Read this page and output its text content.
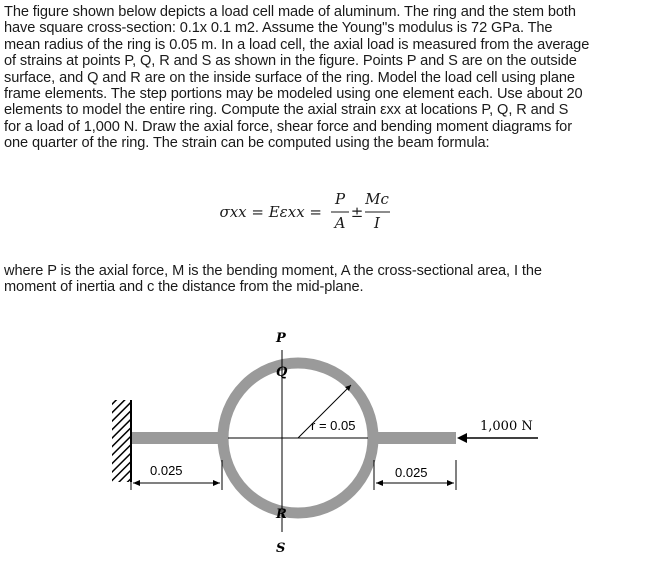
The figure shown below depicts a load cell made of aluminum. The ring and the stem both
have square cross-section: 0.1x 0.1 m2. Assume the Young"s modulus is 72 GPa. The
mean radius of the ring is 0.05 m. In a load cell, the axial load is measured from the average
of strains at points P, Q, R and S as shown in the figure. Points P and S are on the outside
surface, and Q and R are on the inside surface of the ring. Model the load cell using plane
frame elements. The step portions may be modeled using one element each. Use about 20
elements to model the entire ring. Compute the axial strain εxx at locations P, Q, R and S
for a load of 1,000 N. Draw the axial force, shear force and bending moment diagrams for
one quarter of the ring. The strain can be computed using the beam formula:
σxx = Eεxx =
P
A
±
Mc
I
where P is the axial force, M is the bending moment, A the cross-sectional area, I the
moment of inertia and c the distance from the mid-plane.
r = 0.05
P
Q
R
S
0.025	0.025
1,000 N
